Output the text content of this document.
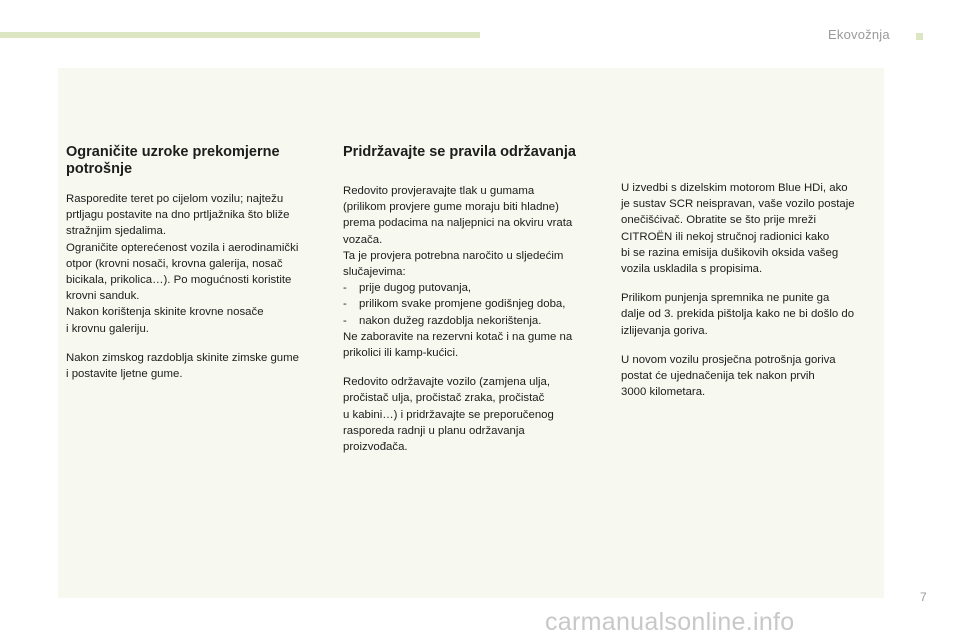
Ekovožnja
Ograničite uzroke prekomjerne
potrošnje
Rasporedite teret po cijelom vozilu; najtežu
prtljagu postavite na dno prtljažnika što bliže
stražnjim sjedalima.
Ograničite opterećenost vozila i aerodinamički
otpor (krovni nosači, krovna galerija, nosač
bicikala, prikolica…). Po mogućnosti koristite
krovni sanduk.
Nakon korištenja skinite krovne nosače
i krovnu galeriju.
Nakon zimskog razdoblja skinite zimske gume
i postavite ljetne gume.
Pridržavajte se pravila održavanja
Redovito provjeravajte tlak u gumama
(prilikom provjere gume moraju biti hladne)
prema podacima na naljepnici na okviru vrata
vozača.
Ta je provjera potrebna naročito u sljedećim
slučajevima:
- prije dugog putovanja,
- prilikom svake promjene godišnjeg doba,
- nakon dužeg razdoblja nekorištenja.
Ne zaboravite na rezervni kotač i na gume na
prikolici ili kamp-kućici.
Redovito održavajte vozilo (zamjena ulja,
pročistač ulja, pročistač zraka, pročistač
u kabini…) i pridržavajte se preporučenog
rasporeda radnji u planu održavanja
proizvođača.
U izvedbi s dizelskim motorom Blue HDi, ako
je sustav SCR neispravan, vaše vozilo postaje
onečišćivač. Obratite se što prije mreži
CITROËN ili nekoj stručnoj radionici kako
bi se razina emisija dušikovih oksida vašeg
vozila uskladila s propisima.
Prilikom punjenja spremnika ne punite ga
dalje od 3. prekida pištolja kako ne bi došlo do
izlijevanja goriva.
U novom vozilu prosječna potrošnja goriva
postat će ujednačenija tek nakon prvih
3000 kilometara.
7
carmanualsonline.info
